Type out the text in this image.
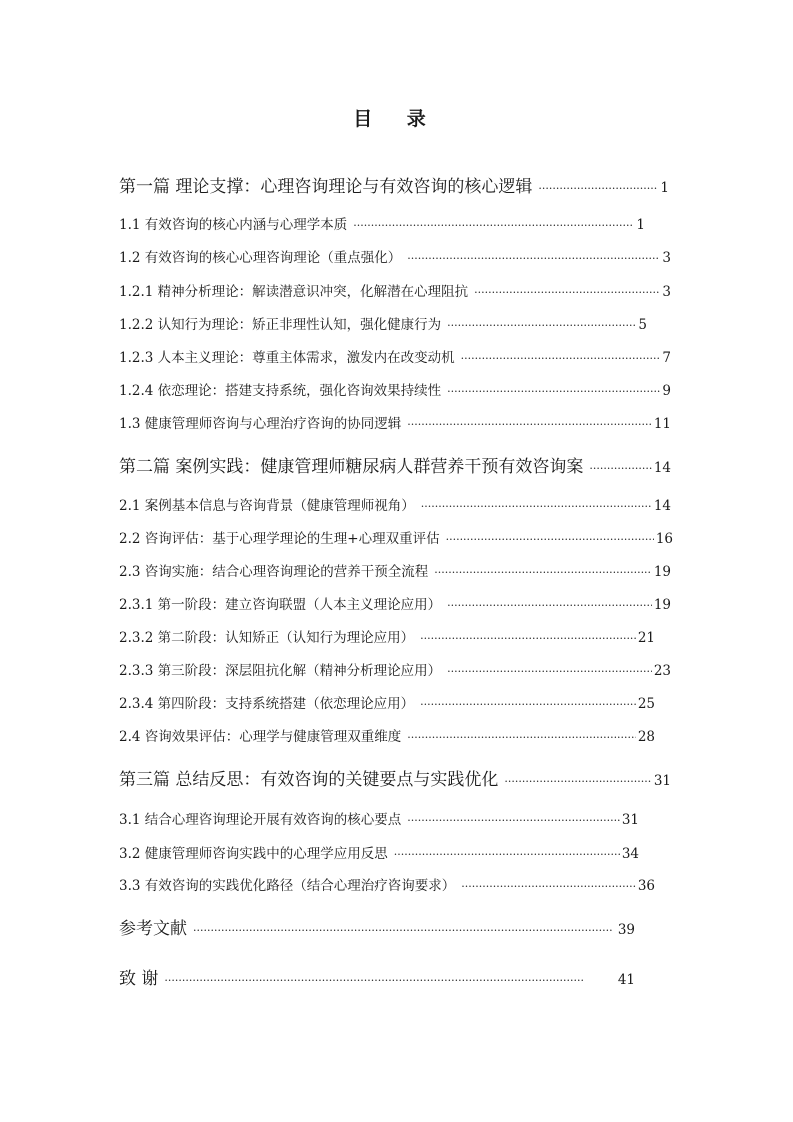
目 录
第一篇 理论支撑：心理咨询理论与有效咨询的核心逻辑 ·····	1
1.1 有效咨询的核心内涵与心理学本质 ·····	1
1.2 有效咨询的核心心理咨询理论（重点强化） ·····	3
1.2.1 精神分析理论：解读潜意识冲突，化解潜在心理阻抗 ·····	3
1.2.2 认知行为理论：矫正非理性认知，强化健康行为 ·····	5
1.2.3 人本主义理论：尊重主体需求，激发内在改变动机 ·····	7
1.2.4 依恋理论：搭建支持系统，强化咨询效果持续性 ·····	9
1.3 健康管理师咨询与心理治疗咨询的协同逻辑 ·····	11
第二篇 案例实践：健康管理师糖尿病人群营养干预有效咨询案 ·····	14
2.1 案例基本信息与咨询背景（健康管理师视角） ·····	14
2.2 咨询评估：基于心理学理论的生理+心理双重评估 ·····	16
2.3 咨询实施：结合心理咨询理论的营养干预全流程 ·····	19
2.3.1 第一阶段：建立咨询联盟（人本主义理论应用） ·····	19
2.3.2 第二阶段：认知矫正（认知行为理论应用） ·····	21
2.3.3 第三阶段：深层阻抗化解（精神分析理论应用） ·····	23
2.3.4 第四阶段：支持系统搭建（依恋理论应用） ·····	25
2.4 咨询效果评估：心理学与健康管理双重维度 ·····	28
第三篇 总结反思：有效咨询的关键要点与实践优化 ·····	31
3.1 结合心理咨询理论开展有效咨询的核心要点 ·····	31
3.2 健康管理师咨询实践中的心理学应用反思 ·····	34
3.3 有效咨询的实践优化路径（结合心理治疗咨询要求） ·····	36
参考文献 ·····	39
致 谢 ·····	41
